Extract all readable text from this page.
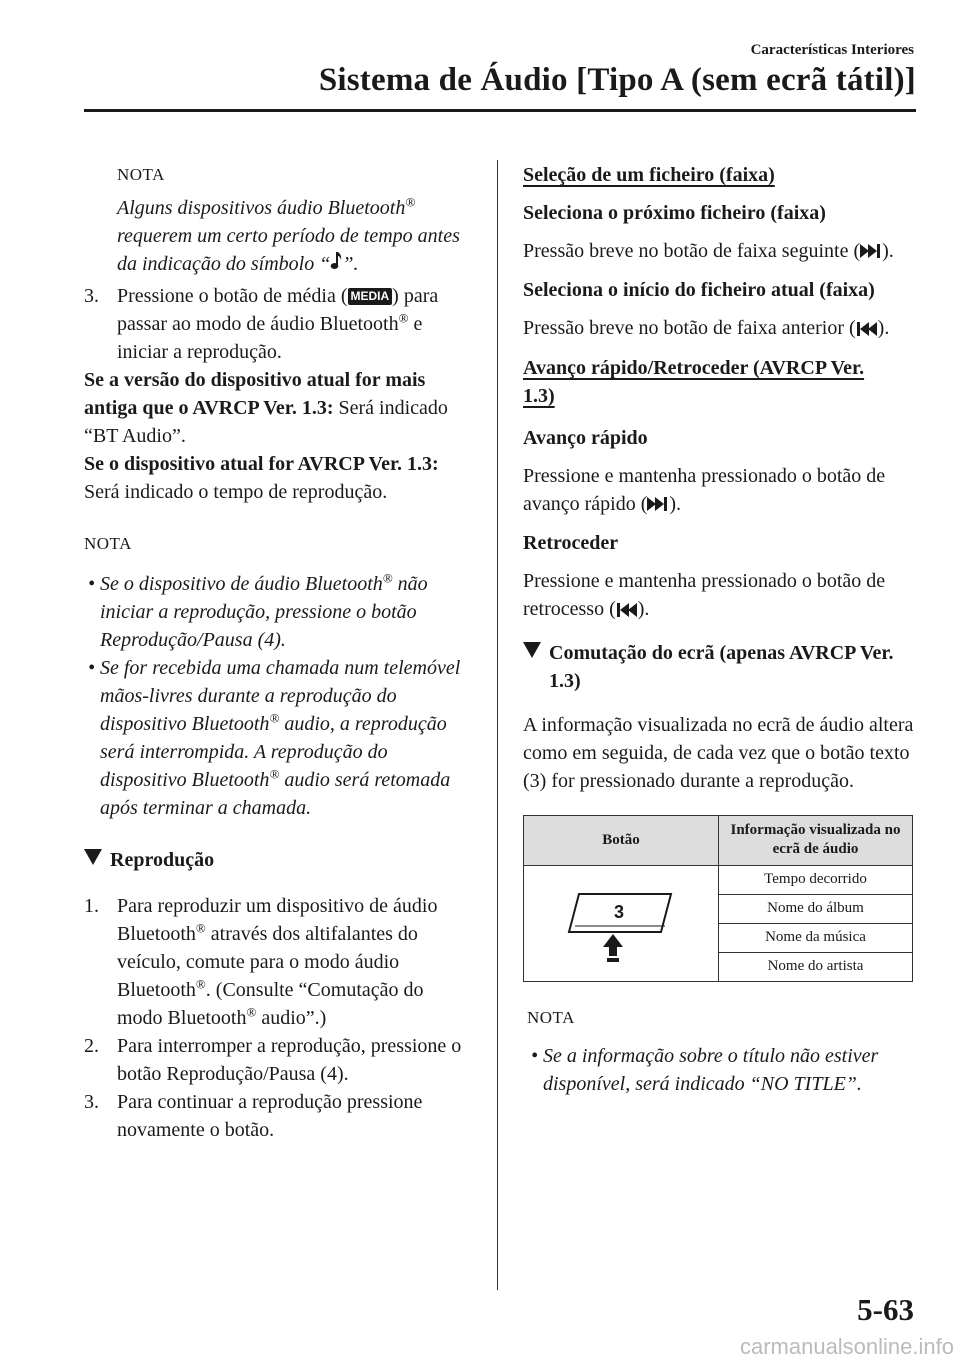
Características Interiores
Sistema de Áudio [Tipo A (sem ecrã tátil)]

NOTA

Alguns dispositivos áudio Bluetooth® requerem um certo período de tempo antes da indicação do símbolo “ ”.

3. Pressione o botão de média ( MEDIA ) para passar ao modo de áudio Bluetooth® e iniciar a reprodução.

Se a versão do dispositivo atual for mais antiga que o AVRCP Ver. 1.3: Será indicado “BT Audio”.

Se o dispositivo atual for AVRCP Ver. 1.3: Será indicado o tempo de reprodução.

NOTA

• Se o dispositivo de áudio Bluetooth® não iniciar a reprodução, pressione o botão Reprodução/Pausa (4).
• Se for recebida uma chamada num telemóvel mãos-livres durante a reprodução do dispositivo Bluetooth® audio, a reprodução será interrompida. A reprodução do dispositivo Bluetooth® audio será retomada após terminar a chamada.
Reprodução
1. Para reproduzir um dispositivo de áudio Bluetooth® através dos altifalantes do veículo, comute para o modo áudio Bluetooth®. (Consulte “Comutação do modo Bluetooth® audio”.)
2. Para interromper a reprodução, pressione o botão Reprodução/Pausa (4).
3. Para continuar a reprodução pressione novamente o botão.

Seleção de um ficheiro (faixa)

Seleciona o próximo ficheiro (faixa)

Pressão breve no botão de faixa seguinte ( ).

Seleciona o início do ficheiro atual (faixa)

Pressão breve no botão de faixa anterior ( ).

Avanço rápido/Retroceder (AVRCP Ver. 1.3)

Avanço rápido

Pressione e mantenha pressionado o botão de avanço rápido ( ).

Retroceder

Pressione e mantenha pressionado o botão de retrocesso ( ).

Comutação do ecrã (apenas AVRCP Ver. 1.3)

A informação visualizada no ecrã de áudio altera como em seguida, de cada vez que o botão texto (3) for pressionado durante a reprodução.

Botão	Informação visualizada no ecrã de áudio

3	Tempo decorrido
	Nome do álbum
	Nome da música
	Nome do artista

NOTA

• Se a informação sobre o título não estiver disponível, será indicado “NO TITLE”.
5-63
carmanualsonline.info
